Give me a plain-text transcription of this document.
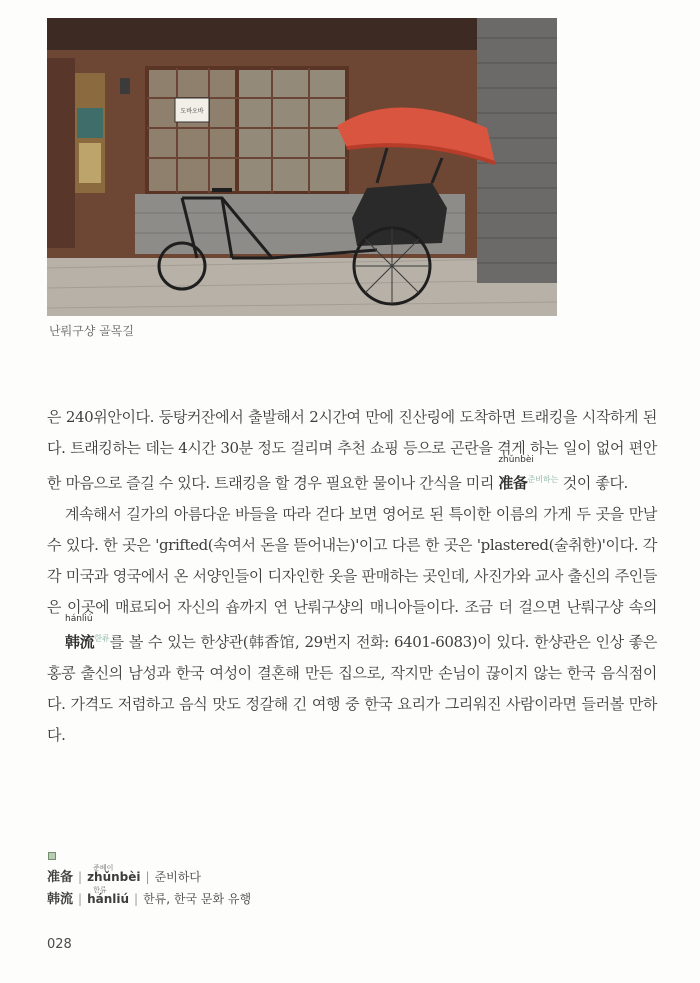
도바오바
난뤄구샹 골목길

은 240위안이다. 둥탕커잔에서 출발해서 2시간여 만에 진산링에 도착하면 트래킹을 시작하게 된다. 트래킹하는 데는 4시간 30분 정도 걸리며 추천 쇼핑 등으로 곤란을 겪게 하는 일이 없어 편안한 마음으로 즐길 수 있다. 트래킹을 할 경우 필요한 물이나 간식을 미리
zhǔnbèi
准备$^{준비하는}$ 것이 좋다.

계속해서 길가의 아름다운 바들을 따라 걷다 보면 영어로 된 특이한 이름의 가게 두 곳을 만날 수 있다. 한 곳은 'grifted(속여서 돈을 뜯어내는)'이고 다른 한 곳은 'plastered(술취한)'이다. 각각 미국과 영국에서 온 서양인들이 디자인한 옷을 판매하는 곳인데, 사진가와 교사 출신의 주인들은 이곳에 매료되어 자신의 숍까지 연 난뤄구샹의 매니아들이다. 조금 더 걸으면 난뤄구샹 속의
hánliú
韩流$^{한류}$를 볼 수 있는 한샹관(韩香馆, 29번지 전화: 6401-6083)이 있다. 한샹관은 인상 좋은 홍콩 출신의 남성과 한국 여성이 결혼해 만든 집으로, 작지만 손님이 끊이지 않는 한국 음식점이다. 가격도 저렴하고 음식 맛도 정갈해 긴 여행 중 한국 요리가 그리워진 사람이라면 들러볼 만하다.

准备 |
준베이
zhǔnbèi | 준비하다
韩流 |
한류
hánliú | 한류, 한국 문화 유행
028
